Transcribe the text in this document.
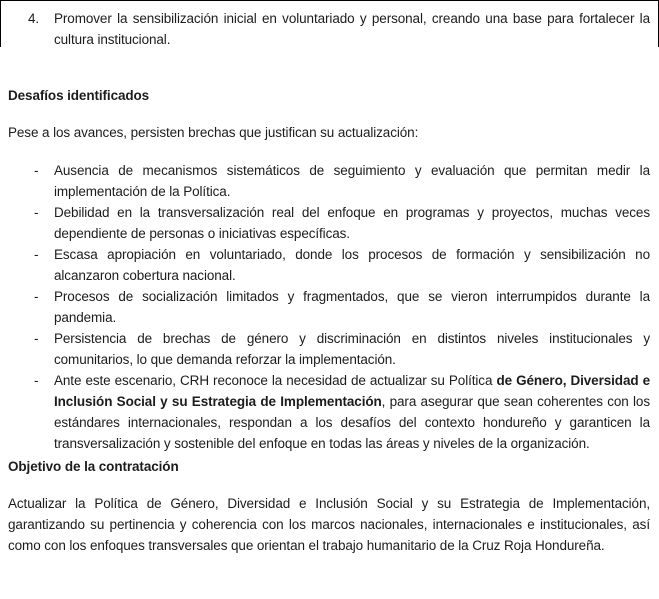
4.	Promover la sensibilización inicial en voluntariado y personal, creando una base para fortalecer la cultura institucional.
Desafíos identificados

Pese a los avances, persisten brechas que justifican su actualización:

-	Ausencia de mecanismos sistemáticos de seguimiento y evaluación que permitan medir la implementación de la Política.
-	Debilidad en la transversalización real del enfoque en programas y proyectos, muchas veces dependiente de personas o iniciativas específicas.
-	Escasa apropiación en voluntariado, donde los procesos de formación y sensibilización no alcanzaron cobertura nacional.
-	Procesos de socialización limitados y fragmentados, que se vieron interrumpidos durante la pandemia.
-	Persistencia de brechas de género y discriminación en distintos niveles institucionales y comunitarios, lo que demanda reforzar la implementación.
-	Ante este escenario, CRH reconoce la necesidad de actualizar su Política de Género, Diversidad e Inclusión Social y su Estrategia de Implementación, para asegurar que sean coherentes con los estándares internacionales, respondan a los desafíos del contexto hondureño y garanticen la transversalización y sostenible del enfoque en todas las áreas y niveles de la organización.
Objetivo de la contratación

Actualizar la Política de Género, Diversidad e Inclusión Social y su Estrategia de Implementación, garantizando su pertinencia y coherencia con los marcos nacionales, internacionales e institucionales, así como con los enfoques transversales que orientan el trabajo humanitario de la Cruz Roja Hondureña.
